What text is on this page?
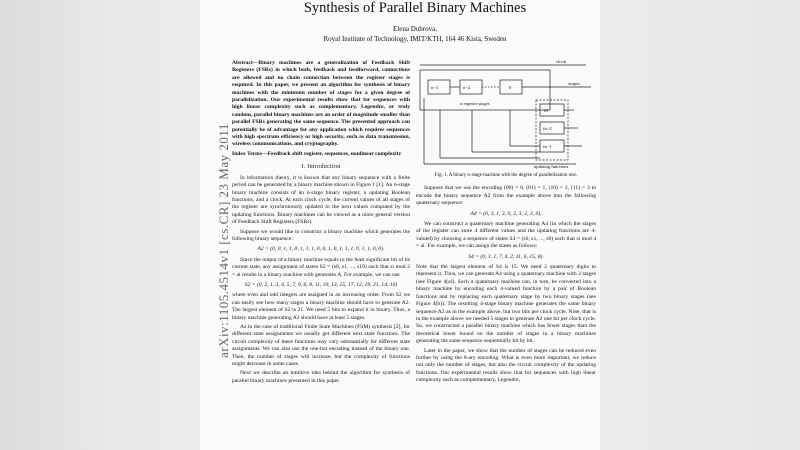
arXiv:1105.4514v1 [cs.CR] 23 May 2011
Synthesis of Parallel Binary Machines
Elena Dubrova,
Royal Institute of Technology, IMIT/KTH, 164 46 Kista, Sweden

Abstract—Binary machines are a generalization of Feedback Shift Registers (FSRs) in which both, feedback and feedforward, connections are allowed and no chain connection between the register stages is required. In this paper, we present an algorithm for synthesis of binary machines with the minimum number of stages for a given degree of parallelization. Our experimental results show that for sequences with high linear complexity such as complementary, Legendre, or truly random, parallel binary machines are an order of magnitude smaller than parallel FSRs generating the same sequence. The presented approach can potentially be of advantage for any application which requires sequences with high spectrum efficiency or high security, such as data transmission, wireless communications, and cryptography.

Index Terms—Feedback shift register, sequences, nonlinear complexity

I. Introduction

In information theory, it is known that any binary sequence with a finite period can be generated by a binary machine shown in Figure 1 [1]. An n-stage binary machine consists of an n-stage binary register, n updating Boolean functions, and a clock. At each clock cycle, the current values of all stages of the register are synchronously updated to the next values computed by the updating functions. Binary machines can be viewed as a more general version of Feedback Shift Registers (FSRs).

Suppose we would like to construct a binary machine which generates the following binary sequence:

A2 = (0, 0, 1, 1, 0, 1, 1, 1, 0, 0, 1, 0, 1, 1, 1, 0, 1, 1, 0, 0).

Since the output of a binary machine equals to the least significant bit of its current state, any assignment of states S2 = (s0, s1, ..., s19) such that si mod 2 = ai results in a binary machine with generates A. For example, we can use

S2 = (0, 2, 1, 3, 4, 5, 7, 9, 6, 8, 11, 10, 13, 15, 17, 12, 19, 21, 14, 16)

where even and odd integers are assigned in an increasing order. From S2 we can easily see how many stages a binary machine should have to generate A2. The largest element of S2 is 21. We need 5 bits to expand it in binary. Thus, a binary machine generating A2 should have at least 5 stages.

As in the case of traditional Finite State Machines (FSM) synthesis [2], for different state assignments we usually get different next state functions. The circuit complexity of these functions may vary substantially for different state assignments. We can also use the one-hot encoding instead of the binary one. Then, the number of stages will increase, but the complexity of functions might decrease in some cases.

Next we describe an intuitive idea behind the algorithm for synthesis of parallel binary machines presented in this paper.

clock
output
n−1	n−2	0
n register stages
f0
fn−2
fn−1
updating functions
Fig. 1. A binary n-stage machine with the degree of parallelization one.

Suppose that we use the encoding (00) = 0, (01) = 1, (10) = 2, (11) = 3 to encode the binary sequence A2 from the example above into the following quaternary sequence:

A4 = (0, 3, 1, 3, 0, 2, 3, 2, 3, 0).

We can construct a quaternary machine generating A4 (in which the stages of the register can store 4 different values and the updating functions are 4-valued) by choosing a sequence of states S4 = (s0, s1, ..., s9) such that si mod 4 = ai. For example, we can assign the states as follows:

S4 = (0, 3, 1, 7, 4, 2, 11, 6, 15, 8).

Note that the largest element of S4 is 15. We need 2 quaternary digits to represent it. Thus, we can generate A4 using a quaternary machine with 2 stages (see Figure 4(a)). Such a quaternary machine can, in turn, be converted into a binary machine by encoding each 4-valued function by a pair of Boolean functions and by replacing each quaternary stage by two binary stages (see Figure 4(b)). The resulting 4-stage binary machine generates the same binary sequence A2 as in the example above, but two bits per clock cycle. Note, that is in the example above we needed 5 stages to generate A2 one bit per clock cycle. So, we constructed a parallel binary machine which has fewer stages than the theoretical lower bound on the number of stages in a binary machines generating the same sequence sequentially bit by bit.

Later in the paper, we show that the number of stages can be reduced even further by using the 8-ary encoding. What is even more important, we reduce not only the number of stages, but also the circuit complexity of the updating functions. Our experimental results show that for sequences with high linear complexity such as complementary, Legendre,
